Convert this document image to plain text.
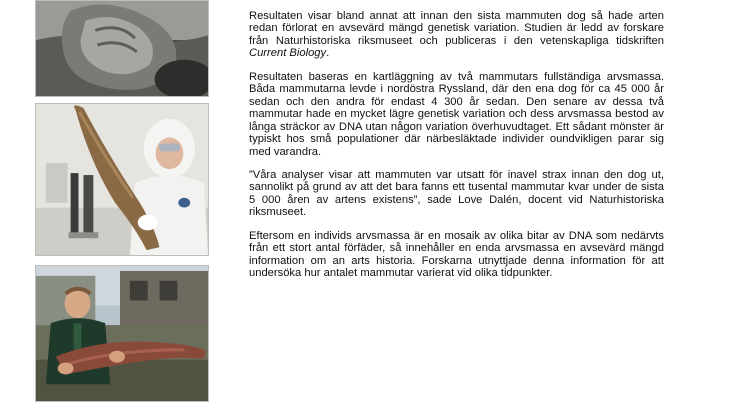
Resultaten visar bland annat att innan den sista mammuten dog så hade arten redan förlorat en avsevärd mängd genetisk variation. Studien är ledd av forskare från Naturhistoriska riksmuseet och publiceras i den vetenskapliga tidskriften Current Biology.

Resultaten baseras en kartläggning av två mammutars fullständiga arvsmassa. Båda mammutarna levde i nordöstra Ryssland, där den ena dog för ca 45 000 år sedan och den andra för endast 4 300 år sedan. Den senare av dessa två mammutar hade en mycket lägre genetisk variation och dess arvsmassa bestod av långa sträckor av DNA utan någon variation överhuvudtaget. Ett sådant mönster är typiskt hos små populationer där närbesläktade individer oundvikligen parar sig med varandra.

”Våra analyser visar att mammuten var utsatt för inavel strax innan den dog ut, sannolikt på grund av att det bara fanns ett tusental mammutar kvar under de sista 5 000 åren av artens existens”, sade Love Dalén, docent vid Naturhistoriska riksmuseet.

Eftersom en individs arvsmassa är en mosaik av olika bitar av DNA som nedärvts från ett stort antal förfäder, så innehåller en enda arvsmassa en avsevärd mängd information om an arts historia. Forskarna utnyttjade denna information för att undersöka hur antalet mammutar varierat vid olika tidpunkter.
